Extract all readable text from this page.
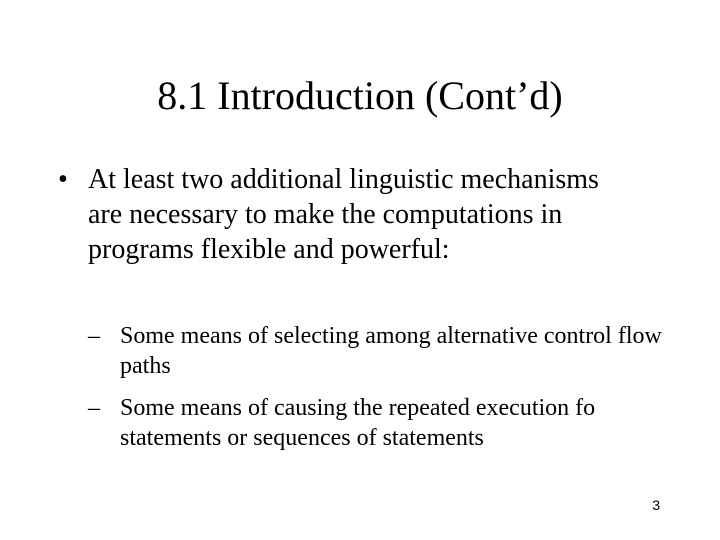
8.1 Introduction (Cont’d)
• At least two additional linguistic mechanisms are necessary to make the computations in programs flexible and powerful:
– Some means of selecting among alternative control flow paths
– Some means of causing the repeated execution fo statements or sequences of statements
3
